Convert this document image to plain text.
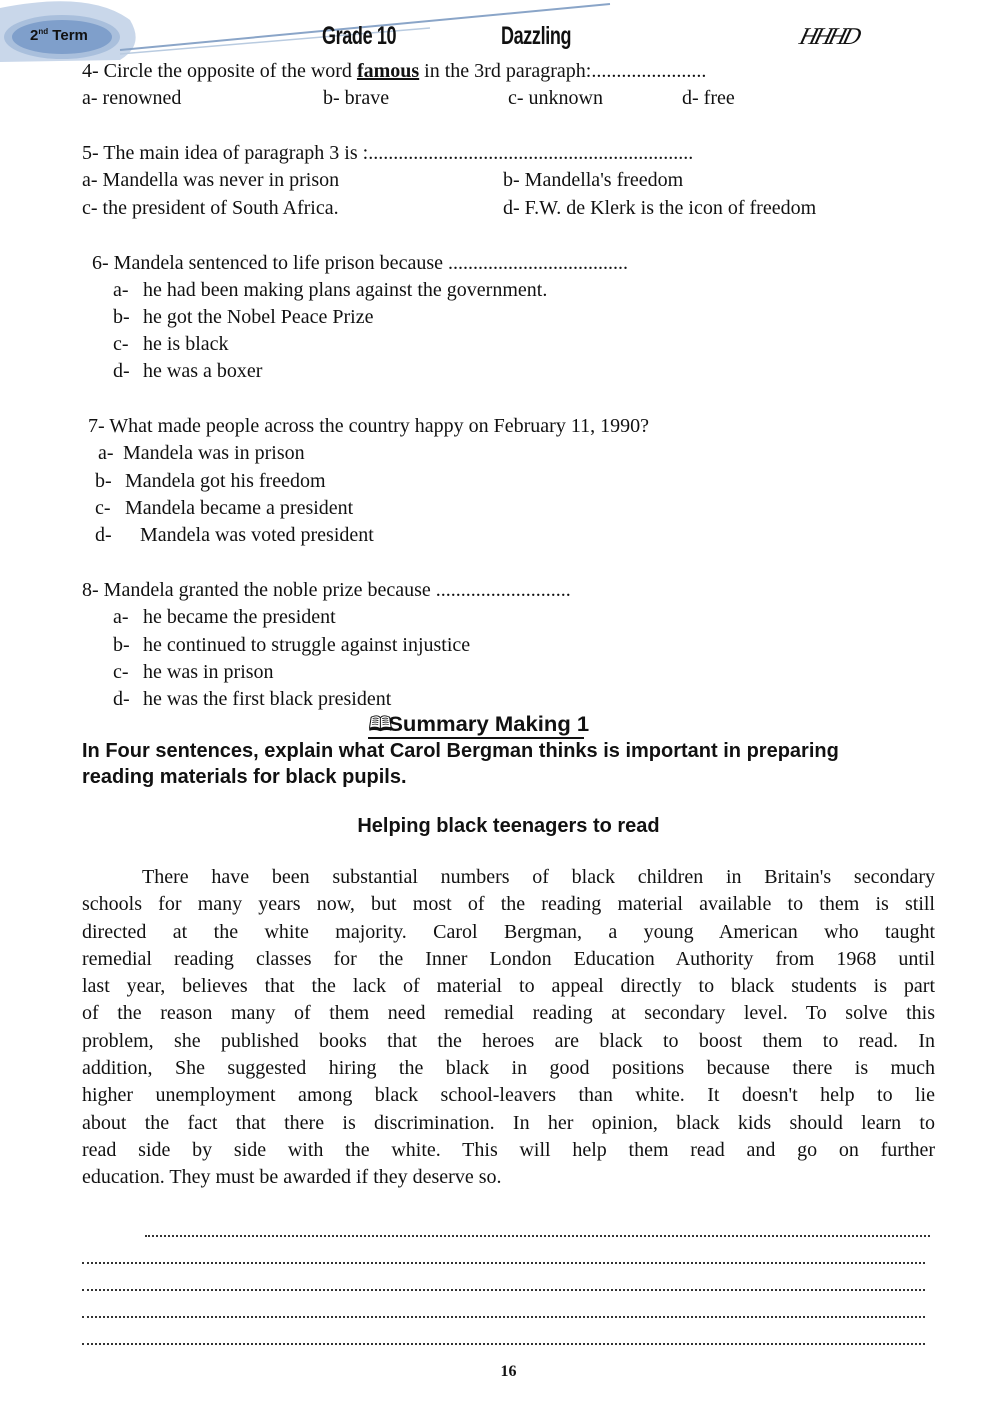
2nd Term	Grade 10	Dazzling	HHHD
4- Circle the opposite of the word famous in the 3rd paragraph:.......................
a- renowned	b- brave	c- unknown	d- free
5- The main idea of paragraph 3 is :.................................................................
a- Mandella was never in prison	b- Mandella's freedom
c- the president of South Africa.	d- F.W. de Klerk is the icon of freedom
6- Mandela sentenced to life prison because ....................................
a- he had been making plans against the government.
b- he got the Nobel Peace Prize
c- he is black
d- he was a boxer
7- What made people across the country happy on February 11, 1990?
a- Mandela was in prison
b- Mandela got his freedom
c- Mandela became a president
d- Mandela was voted president
8- Mandela granted the noble prize because ...........................
a- he became the president
b- he continued to struggle against injustice
c- he was in prison
d- he was the first black president
🕮Summary Making 1
In Four sentences, explain what Carol Bergman thinks is important in preparing
reading materials for black pupils.
Helping black teenagers to read
There have been substantial numbers of black children in Britain's secondary
schools for many years now, but most of the reading material available to them is still
directed at the white majority. Carol Bergman, a young American who taught
remedial reading classes for the Inner London Education Authority from 1968 until
last year, believes that the lack of material to appeal directly to black students is part
of the reason many of them need remedial reading at secondary level. To solve this
problem, she published books that the heroes are black to boost them to read. In
addition, She suggested hiring the black in good positions because there is much
higher unemployment among black school-leavers than white. It doesn't help to lie
about the fact that there is discrimination. In her opinion, black kids should learn to
read side by side with the white. This will help them read and go on further
education. They must be awarded if they deserve so.
16
